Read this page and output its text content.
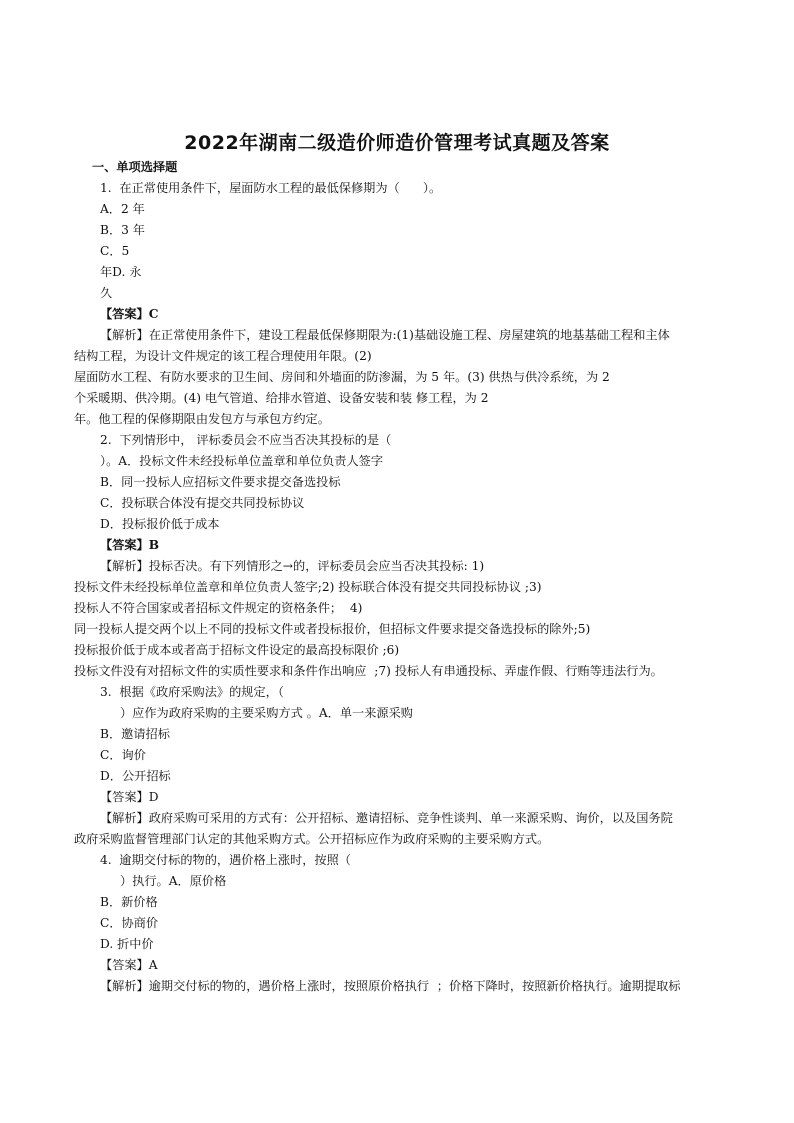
2022年湖南二级造价师造价管理考试真题及答案
一、单项选择题
1.  在正常使用条件下，屋面防水工程的最低保修期为（      ）。
A．2 年
B．3 年
C．5
年D. 永
久
【答案】C
【解析】在正常使用条件下，建设工程最低保修期限为:(1)基础设施工程、房屋建筑的地基基础工程和主体
结构工程，为设计文件规定的该工程合理使用年限。(2)
屋面防水工程、有防水要求的卫生间、房间和外墙面的防渗漏，为 5 年。(3) 供热与供冷系统，为 2
个采暖期、供冷期。(4) 电气管道、给排水管道、设备安装和装 修工程，为 2
年。他工程的保修期限由发包方与承包方约定。
2.  下列情形中， 评标委员会不应当否决其投标的是（
）。A．投标文件未经投标单位盖章和单位负责人签字
B．同一投标人应招标文件要求提交备选投标
C．投标联合体没有提交共同投标协议
D．投标报价低于成本
【答案】B
【解析】投标否决。有下列情形之→的，评标委员会应当否决其投标: 1)
投标文件未经投标单位盖章和单位负责人签字;2) 投标联合体没有提交共同投标协议 ;3)
投标人不符合国家或者招标文件规定的资格条件；  4)
同一投标人提交两个以上不同的投标文件或者投标报价，但招标文件要求提交备选投标的除外;5)
投标报价低于成本或者高于招标文件设定的最高投标限价 ;6)
投标文件没有对招标文件的实质性要求和条件作出响应  ;7) 投标人有串通投标、弄虚作假、行贿等违法行为。
3.  根据《政府采购法》的规定，（
）应作为政府采购的主要采购方式 。A．单一来源采购
B．邀请招标
C．询价
D．公开招标
【答案】D
【解析】政府采购可采用的方式有：公开招标、邀请招标、竞争性谈判、单一来源采购、询价，以及国务院
政府采购监督管理部门认定的其他采购方式。公开招标应作为政府采购的主要采购方式。
4.  逾期交付标的物的，遇价格上涨时，按照（
）执行。A．原价格
B．新价格
C．协商价
D. 折中价
【答案】A
【解析】逾期交付标的物的，遇价格上涨时，按照原价格执行  ；价格下降时，按照新价格执行。逾期提取标
